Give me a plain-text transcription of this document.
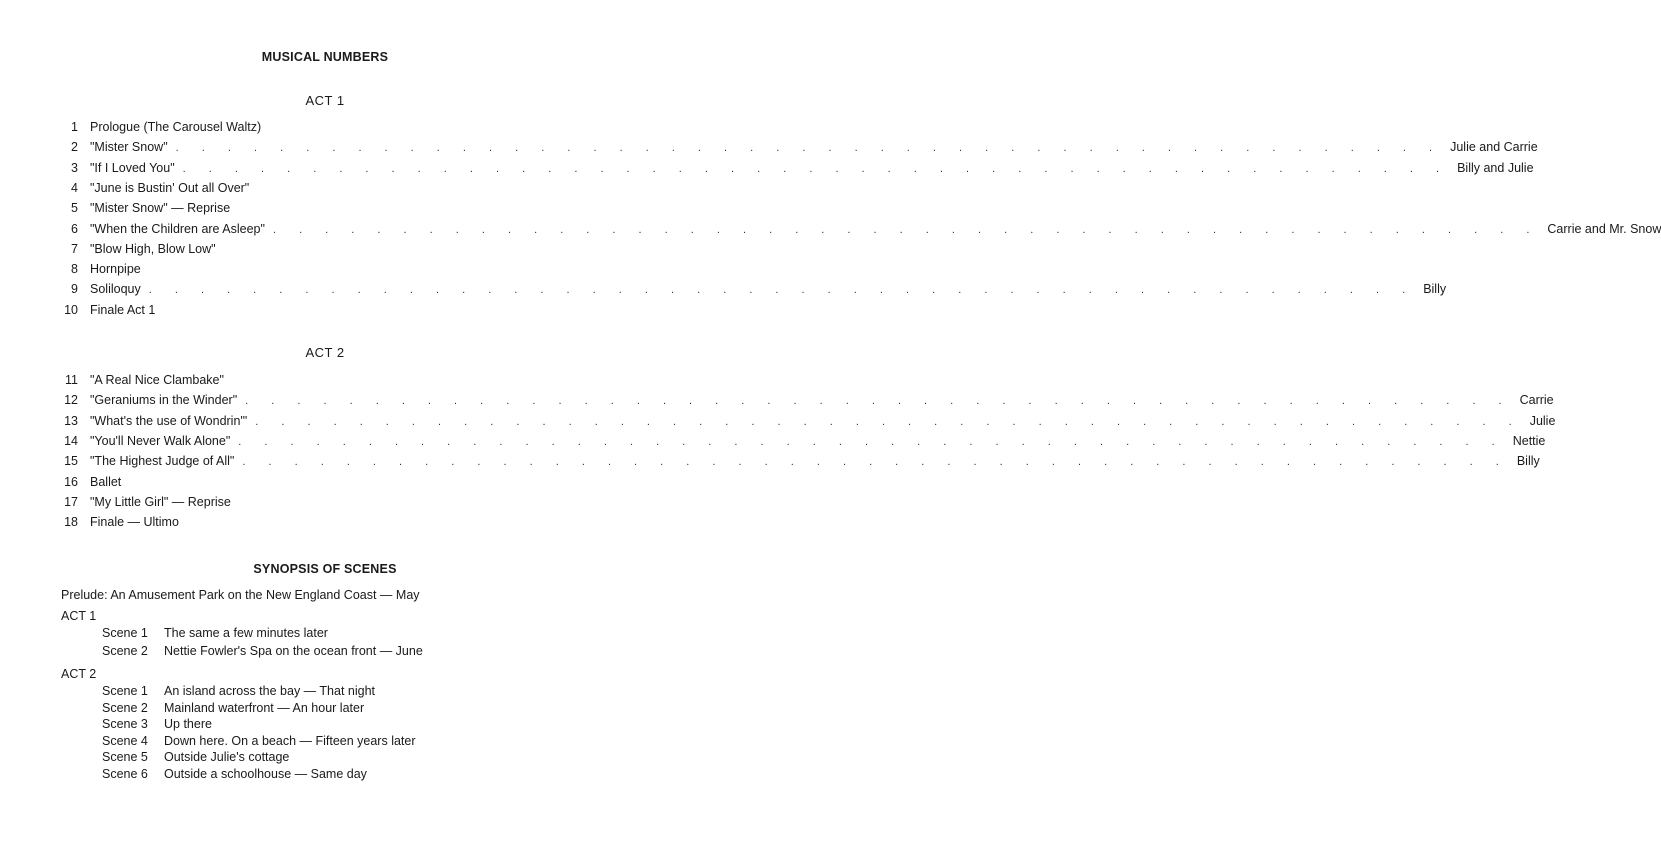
MUSICAL NUMBERS
ACT 1
1 Prologue (The Carousel Waltz)
2 "Mister Snow" . . . . . . . . . . . . . . . . . . . . . . . . . . . . . . . . . . . . . . . . . . . . . . . . . Julie and Carrie
3 "If I Loved You" . . . . . . . . . . . . . . . . . . . . . . . . . . . . . . . . . . . . . . . . . . . . . . . . . Billy and Julie
4 "June is Bustin' Out all Over"
5 "Mister Snow" — Reprise
6 "When the Children are Asleep" . . . . . . . . . . . . . . . . . . . . . . . . . . . . . . . . . . . . . . . . . . . . . . . . . Carrie and Mr. Snow
7 "Blow High, Blow Low"
8 Hornpipe
9 Soliloquy . . . . . . . . . . . . . . . . . . . . . . . . . . . . . . . . . . . . . . . . . . . . . . . . . Billy
10 Finale Act 1
ACT 2
11 "A Real Nice Clambake"
12 "Geraniums in the Winder" . . . . . . . . . . . . . . . . . . . . . . . . . . . . . . . . . . . . . . . . . . . . . . . . . Carrie
13 "What's the use of Wondrin'" . . . . . . . . . . . . . . . . . . . . . . . . . . . . . . . . . . . . . . . . . . . . . . . . . Julie
14 "You'll Never Walk Alone" . . . . . . . . . . . . . . . . . . . . . . . . . . . . . . . . . . . . . . . . . . . . . . . . . Nettie
15 "The Highest Judge of All" . . . . . . . . . . . . . . . . . . . . . . . . . . . . . . . . . . . . . . . . . . . . . . . . . Billy
16 Ballet
17 "My Little Girl" — Reprise
18 Finale — Ultimo
SYNOPSIS OF SCENES
Prelude: An Amusement Park on the New England Coast — May
ACT 1
Scene 1	The same a few minutes later
Scene 2	Nettie Fowler's Spa on the ocean front — June
ACT 2
Scene 1	An island across the bay — That night
Scene 2	Mainland waterfront — An hour later
Scene 3	Up there
Scene 4	Down here. On a beach — Fifteen years later
Scene 5	Outside Julie's cottage
Scene 6	Outside a schoolhouse — Same day
